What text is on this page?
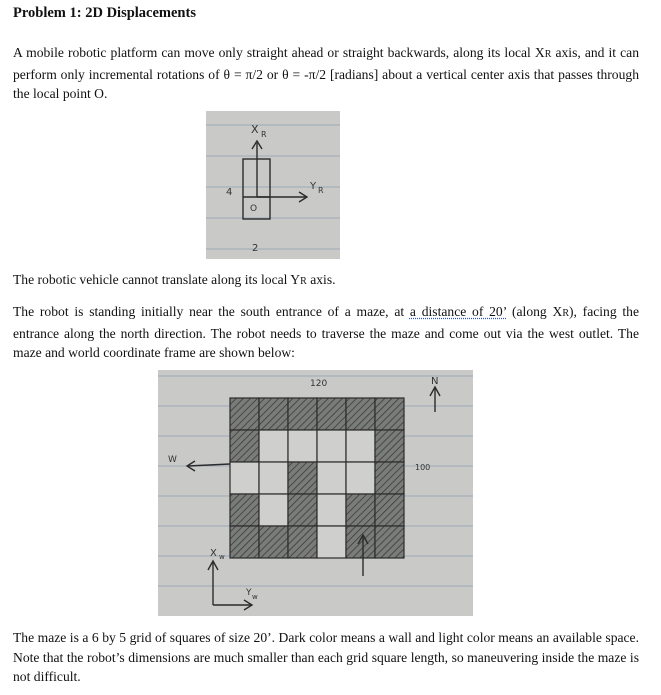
Problem 1: 2D Displacements

A mobile robotic platform can move only straight ahead or straight backwards, along its local XR axis, and it can perform only incremental rotations of θ = π/2 or θ = -π/2 [radians] about a vertical center axis that passes through the local point O.

X R
Y R
O
4
2

The robotic vehicle cannot translate along its local YR axis.

The robot is standing initially near the south entrance of a maze, at a distance of 20’ (along XR), facing the entrance along the north direction. The robot needs to traverse the maze and come out via the west outlet. The maze and world coordinate frame are shown below:

120
100
N
W
X w
Y w

The maze is a 6 by 5 grid of squares of size 20’. Dark color means a wall and light color means an available space. Note that the robot’s dimensions are much smaller than each grid square length, so maneuvering inside the maze is not difficult.
